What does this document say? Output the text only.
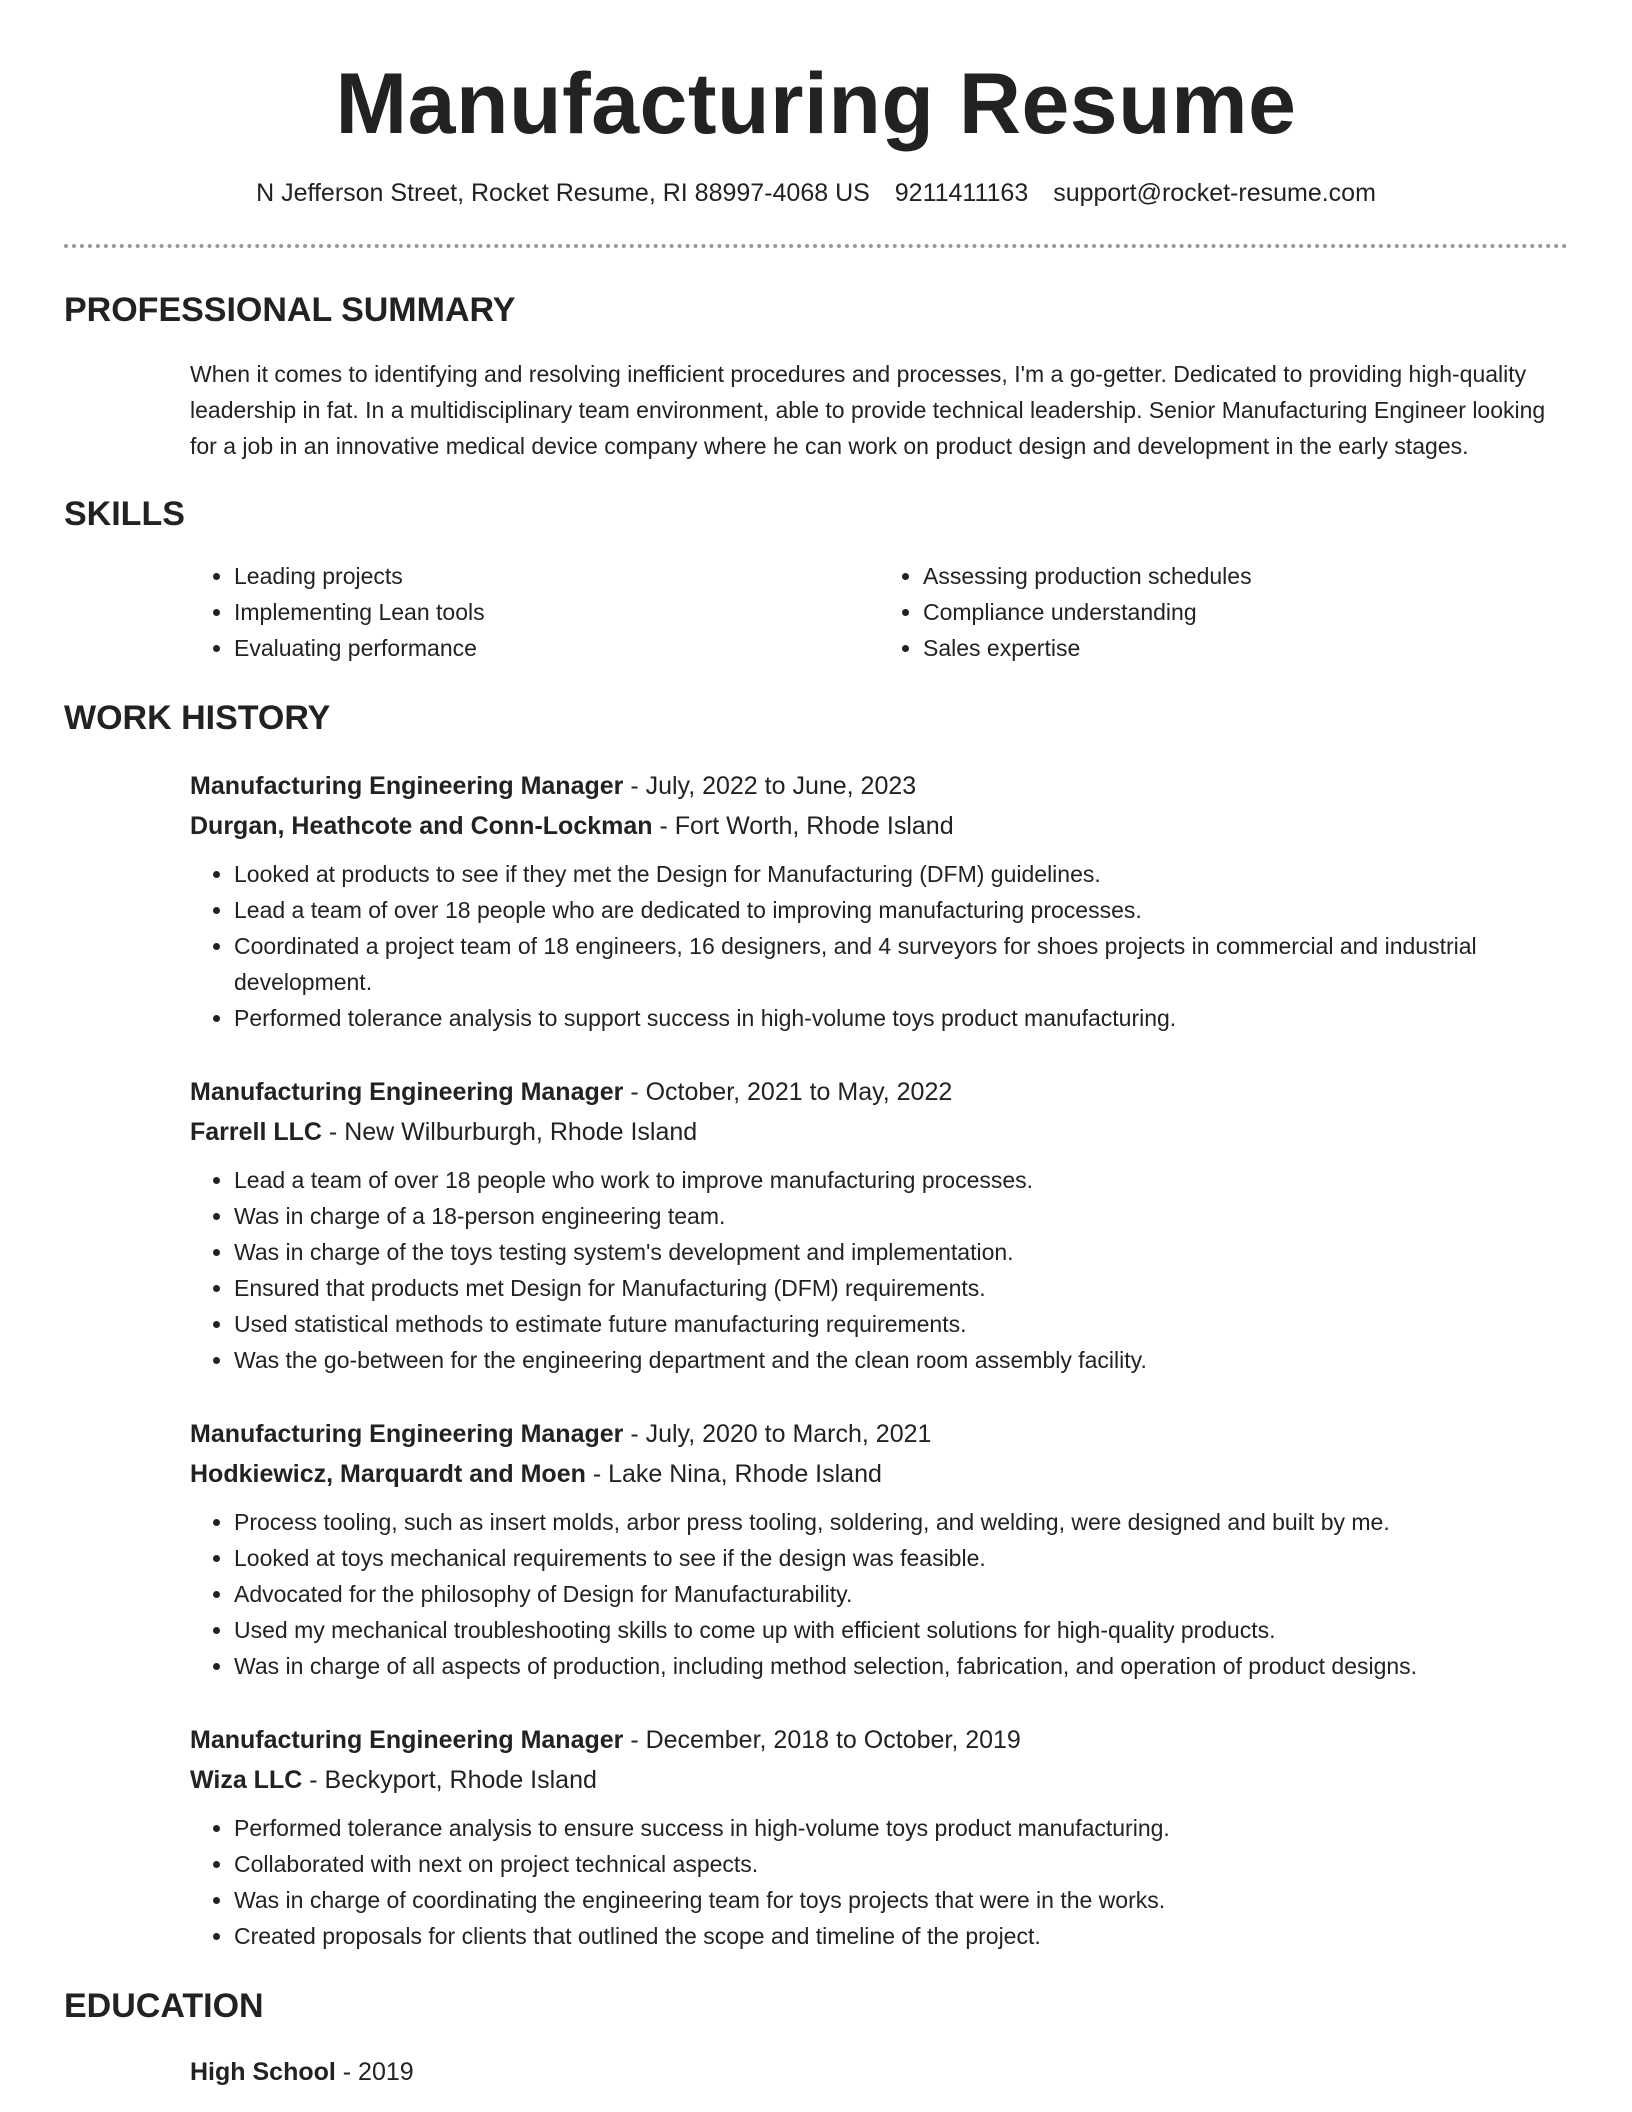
Manufacturing Resume
N Jefferson Street, Rocket Resume, RI 88997-4068 US 9211411163 support@rocket-resume.com
PROFESSIONAL SUMMARY
When it comes to identifying and resolving inefficient procedures and processes, I'm a go-getter. Dedicated to providing high-quality leadership in fat. In a multidisciplinary team environment, able to provide technical leadership. Senior Manufacturing Engineer looking for a job in an innovative medical device company where he can work on product design and development in the early stages.
SKILLS
• Leading projects
• Implementing Lean tools
• Evaluating performance
• Assessing production schedules
• Compliance understanding
• Sales expertise
WORK HISTORY
Manufacturing Engineering Manager - July, 2022 to June, 2023
Durgan, Heathcote and Conn-Lockman - Fort Worth, Rhode Island
• Looked at products to see if they met the Design for Manufacturing (DFM) guidelines.
• Lead a team of over 18 people who are dedicated to improving manufacturing processes.
• Coordinated a project team of 18 engineers, 16 designers, and 4 surveyors for shoes projects in commercial and industrial development.
• Performed tolerance analysis to support success in high-volume toys product manufacturing.
Manufacturing Engineering Manager - October, 2021 to May, 2022
Farrell LLC - New Wilburburgh, Rhode Island
• Lead a team of over 18 people who work to improve manufacturing processes.
• Was in charge of a 18-person engineering team.
• Was in charge of the toys testing system's development and implementation.
• Ensured that products met Design for Manufacturing (DFM) requirements.
• Used statistical methods to estimate future manufacturing requirements.
• Was the go-between for the engineering department and the clean room assembly facility.
Manufacturing Engineering Manager - July, 2020 to March, 2021
Hodkiewicz, Marquardt and Moen - Lake Nina, Rhode Island
• Process tooling, such as insert molds, arbor press tooling, soldering, and welding, were designed and built by me.
• Looked at toys mechanical requirements to see if the design was feasible.
• Advocated for the philosophy of Design for Manufacturability.
• Used my mechanical troubleshooting skills to come up with efficient solutions for high-quality products.
• Was in charge of all aspects of production, including method selection, fabrication, and operation of product designs.
Manufacturing Engineering Manager - December, 2018 to October, 2019
Wiza LLC - Beckyport, Rhode Island
• Performed tolerance analysis to ensure success in high-volume toys product manufacturing.
• Collaborated with next on project technical aspects.
• Was in charge of coordinating the engineering team for toys projects that were in the works.
• Created proposals for clients that outlined the scope and timeline of the project.
EDUCATION
High School - 2019
